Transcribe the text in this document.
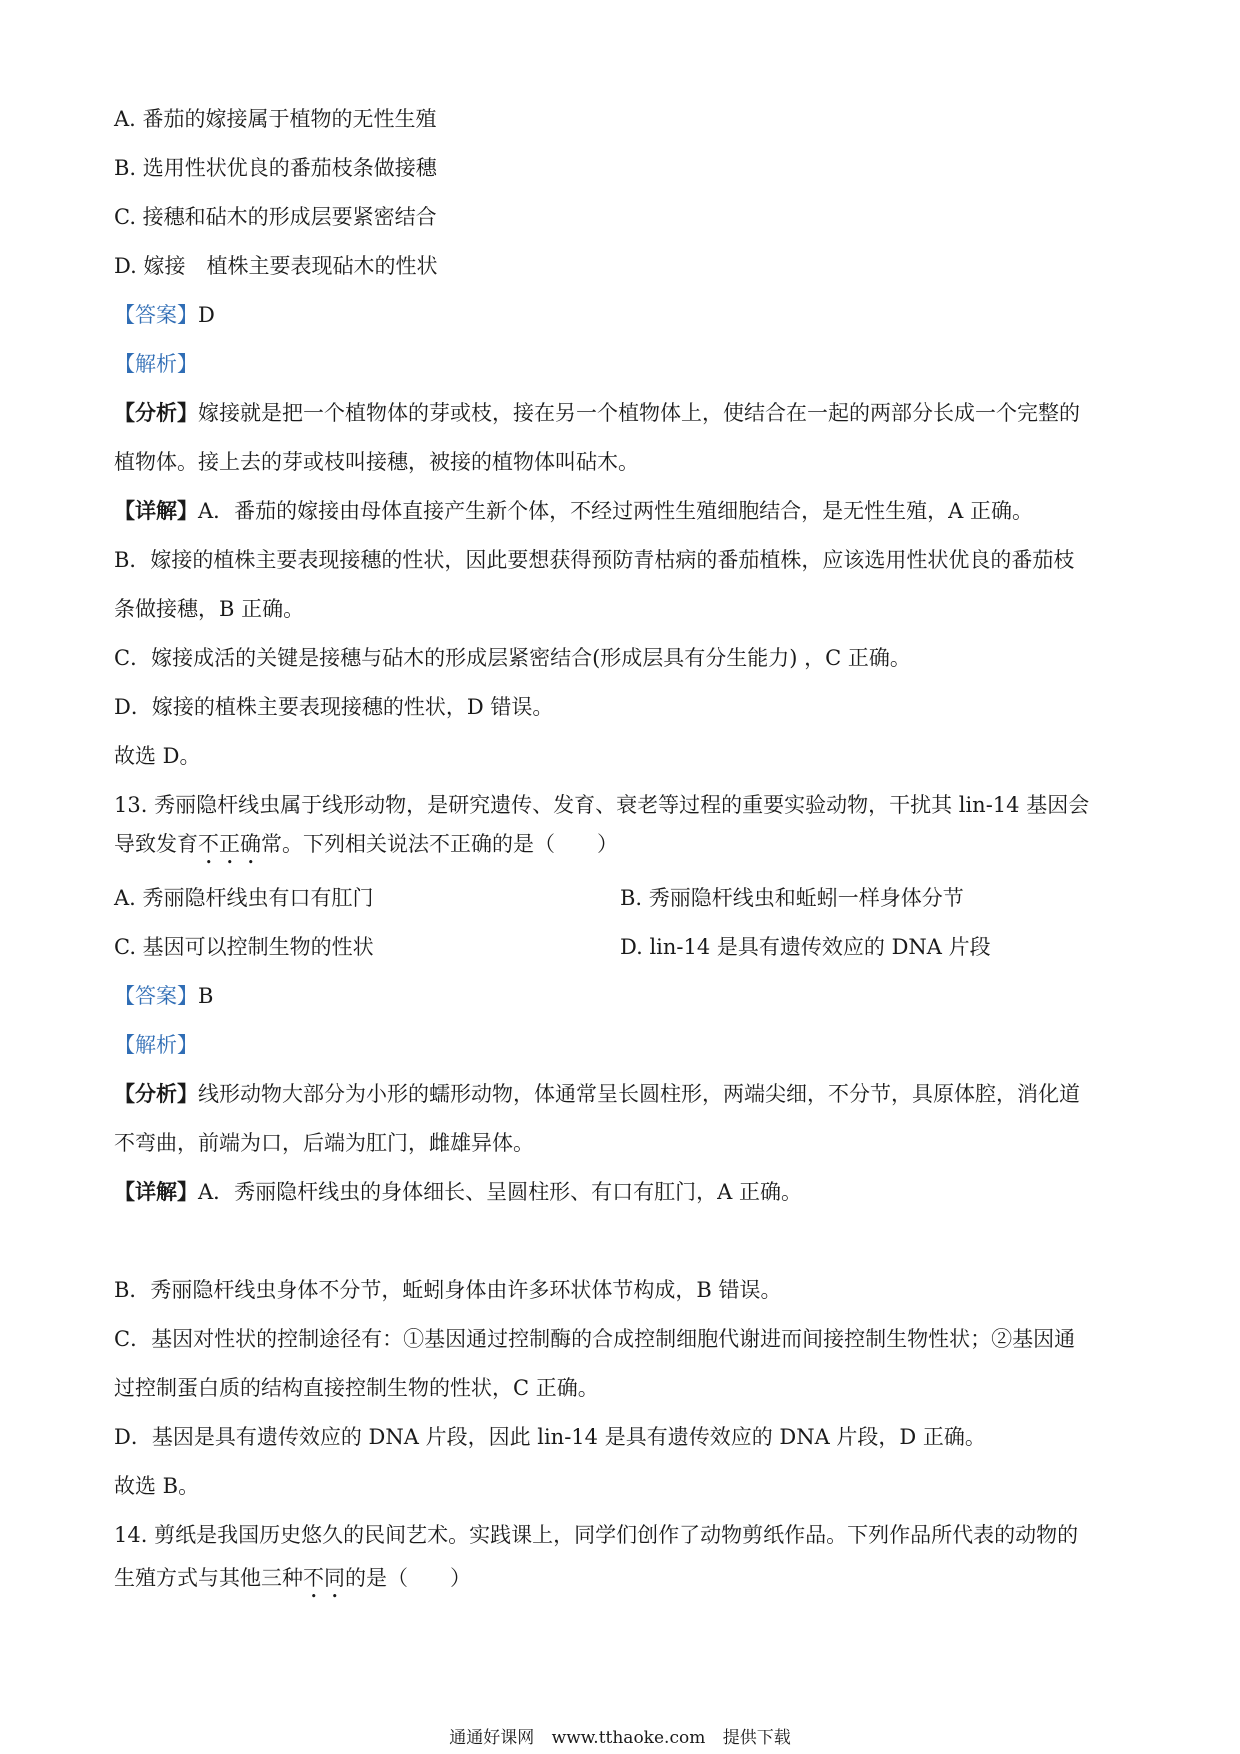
A. 番茄的嫁接属于植物的无性生殖
B. 选用性状优良的番茄枝条做接穗
C. 接穗和砧木的形成层要紧密结合
D. 嫁接　植株主要表现砧木的性状
【答案】D
【解析】
【分析】嫁接就是把一个植物体的芽或枝，接在另一个植物体上，使结合在一起的两部分长成一个完整的
植物体。接上去的芽或枝叫接穗，被接的植物体叫砧木。
【详解】A．番茄的嫁接由母体直接产生新个体，不经过两性生殖细胞结合，是无性生殖，A 正确。
B．嫁接的植株主要表现接穗的性状，因此要想获得预防青枯病的番茄植株，应该选用性状优良的番茄枝
条做接穗，B 正确。
C．嫁接成活的关键是接穗与砧木的形成层紧密结合(形成层具有分生能力) ，C 正确。
D．嫁接的植株主要表现接穗的性状，D 错误。
故选 D。
13. 秀丽隐杆线虫属于线形动物，是研究遗传、发育、衰老等过程的重要实验动物，干扰其 lin-14 基因会
导致发育不正确常。下列相关说法不正确的是（　　）
A. 秀丽隐杆线虫有口有肛门	B. 秀丽隐杆线虫和蚯蚓一样身体分节
C. 基因可以控制生物的性状	D. lin-14 是具有遗传效应的 DNA 片段
【答案】B
【解析】
【分析】线形动物大部分为小形的蠕形动物，体通常呈长圆柱形，两端尖细，不分节，具原体腔，消化道
不弯曲，前端为口，后端为肛门，雌雄异体。
【详解】A．秀丽隐杆线虫的身体细长、呈圆柱形、有口有肛门，A 正确。
B．秀丽隐杆线虫身体不分节，蚯蚓身体由许多环状体节构成，B 错误。
C．基因对性状的控制途径有：①基因通过控制酶的合成控制细胞代谢进而间接控制生物性状；②基因通
过控制蛋白质的结构直接控制生物的性状，C 正确。
D．基因是具有遗传效应的 DNA 片段，因此 lin-14 是具有遗传效应的 DNA 片段，D 正确。
故选 B。
14. 剪纸是我国历史悠久的民间艺术。实践课上，同学们创作了动物剪纸作品。下列作品所代表的动物的
生殖方式与其他三种不同的是（　　）
通通好课网 www.tthaoke.com 提供下载
